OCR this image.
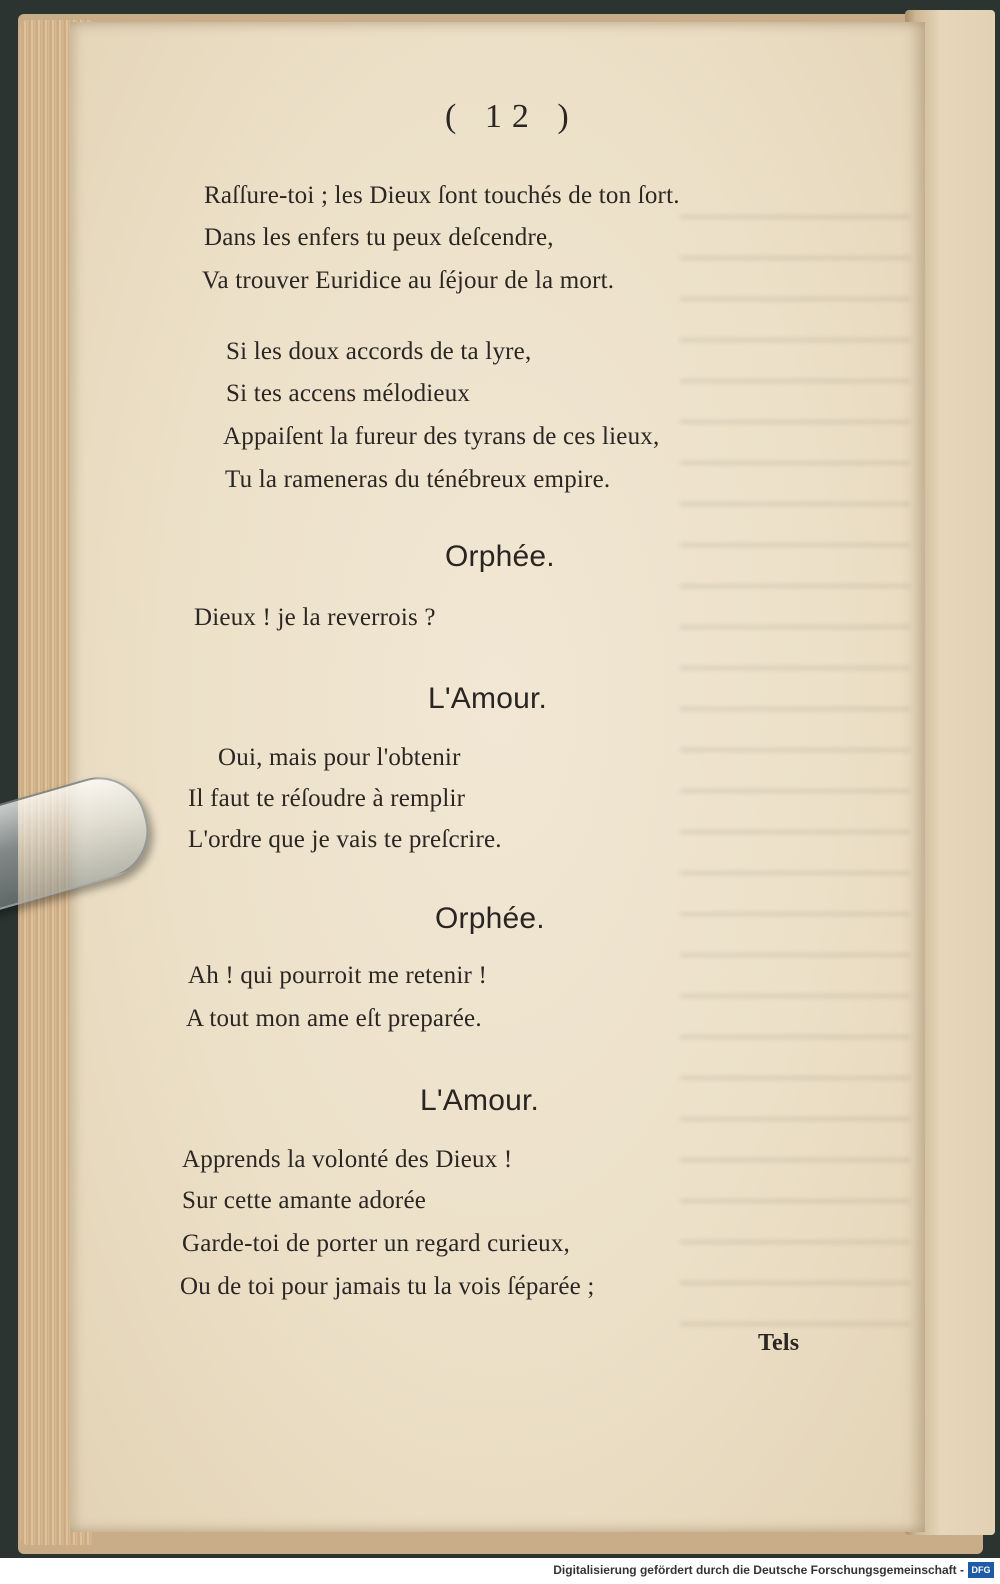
( 12 )

Raſſure-toi ; les Dieux ſont touchés de ton ſort.

Dans les enfers tu peux deſcendre,

Va trouver Euridice au ſéjour de la mort.

Si les doux accords de ta lyre,

Si tes accens mélodieux

Appaiſent la fureur des tyrans de ces lieux,

Tu la rameneras du ténébreux empire.

Orphée.

Dieux ! je la reverrois ?

L'Amour.

Oui, mais pour l'obtenir

Il faut te réſoudre à remplir

L'ordre que je vais te preſcrire.

Orphée.

Ah ! qui pourroit me retenir !

A tout mon ame eſt preparée.

L'Amour.

Apprends la volonté des Dieux !

Sur cette amante adorée

Garde-toi de porter un regard curieux,

Ou de toi pour jamais tu la vois ſéparée ;

Tels

Digitalisierung gefördert durch die Deutsche Forschungsgemeinschaft - DFG
